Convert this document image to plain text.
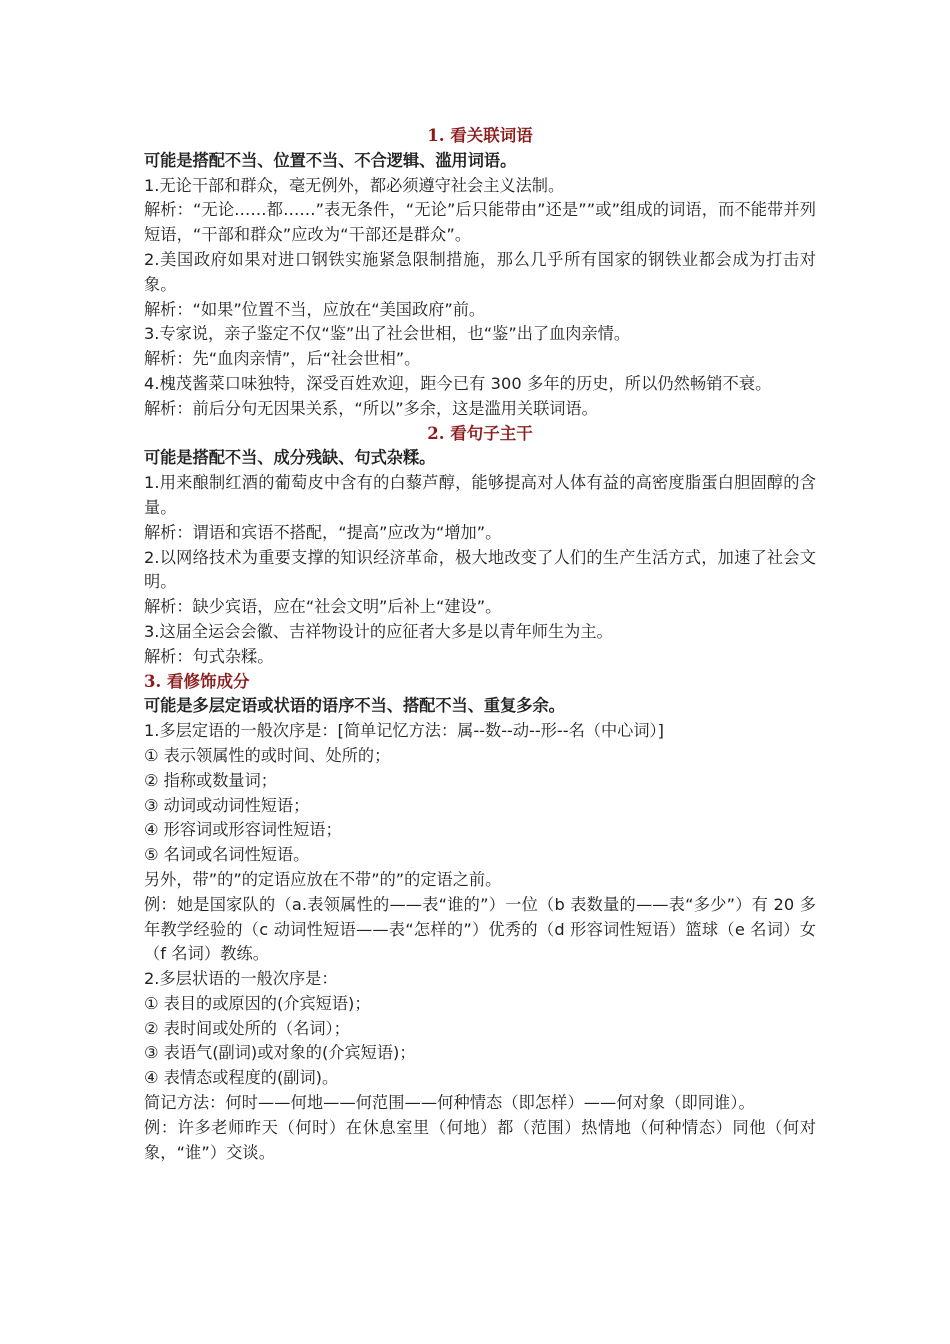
1. 看关联词语

可能是搭配不当、位置不当、不合逻辑、滥用词语。

1.无论干部和群众，毫无例外，都必须遵守社会主义法制。

解析：“无论……都……”表无条件，“无论”后只能带由”还是””或”组成的词语，而不能带并列短语，“干部和群众”应改为“干部还是群众”。

2.美国政府如果对进口钢铁实施紧急限制措施，那么几乎所有国家的钢铁业都会成为打击对象。

解析：“如果”位置不当，应放在“美国政府”前。

3.专家说，亲子鉴定不仅“鉴”出了社会世相，也“鉴”出了血肉亲情。

解析：先“血肉亲情”，后“社会世相”。

4.槐茂酱菜口味独特，深受百姓欢迎，距今已有 300 多年的历史，所以仍然畅销不衰。

解析：前后分句无因果关系，“所以”多余，这是滥用关联词语。

2. 看句子主干

可能是搭配不当、成分残缺、句式杂糅。

1.用来酿制红酒的葡萄皮中含有的白藜芦醇，能够提高对人体有益的高密度脂蛋白胆固醇的含量。

解析：谓语和宾语不搭配，“提高”应改为“增加”。

2.以网络技术为重要支撑的知识经济革命，极大地改变了人们的生产生活方式，加速了社会文明。

解析：缺少宾语，应在“社会文明”后补上“建设”。

3.这届全运会会徽、吉祥物设计的应征者大多是以青年师生为主。

解析：句式杂糅。

3. 看修饰成分

可能是多层定语或状语的语序不当、搭配不当、重复多余。

1.多层定语的一般次序是：[简单记忆方法：属--数--动--形--名（中心词）]

① 表示领属性的或时间、处所的；

② 指称或数量词；

③ 动词或动词性短语；

④ 形容词或形容词性短语；

⑤ 名词或名词性短语。

另外，带”的”的定语应放在不带”的”的定语之前。

例：她是国家队的（a.表领属性的——表“谁的”）一位（b 表数量的——表“多少”）有 20 多年教学经验的（c 动词性短语——表“怎样的”）优秀的（d 形容词性短语）篮球（e 名词）女（f 名词）教练。

2.多层状语的一般次序是：

① 表目的或原因的(介宾短语)；

② 表时间或处所的（名词）；

③ 表语气(副词)或对象的(介宾短语)；

④ 表情态或程度的(副词)。

简记方法：何时——何地——何范围——何种情态（即怎样）——何对象（即同谁）。

例：许多老师昨天（何时）在休息室里（何地）都（范围）热情地（何种情态）同他（何对象，“谁”）交谈。
